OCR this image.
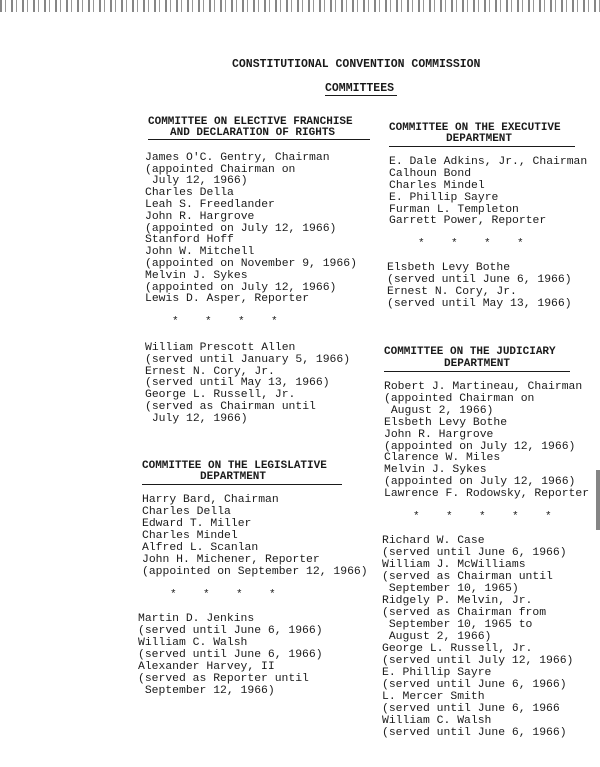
CONSTITUTIONAL CONVENTION COMMISSION
COMMITTEES
COMMITTEE ON ELECTIVE FRANCHISE
AND DECLARATION OF RIGHTS
James O'C. Gentry, Chairman
(appointed Chairman on
July 12, 1966)
Charles Della
Leah S. Freedlander
John R. Hargrove
(appointed on July 12, 1966)
Stanford Hoff
John W. Mitchell
(appointed on November 9, 1966)
Melvin J. Sykes
(appointed on July 12, 1966)
Lewis D. Asper, Reporter
*    *    *    *
William Prescott Allen
(served until January 5, 1966)
Ernest N. Cory, Jr.
(served until May 13, 1966)
George L. Russell, Jr.
(served as Chairman until
July 12, 1966)
COMMITTEE ON THE LEGISLATIVE
DEPARTMENT
Harry Bard, Chairman
Charles Della
Edward T. Miller
Charles Mindel
Alfred L. Scanlan
John H. Michener, Reporter
(appointed on September 12, 1966)
*    *    *    *
Martin D. Jenkins
(served until June 6, 1966)
William C. Walsh
(served until June 6, 1966)
Alexander Harvey, II
(served as Reporter until
September 12, 1966)
COMMITTEE ON THE EXECUTIVE
DEPARTMENT
E. Dale Adkins, Jr., Chairman
Calhoun Bond
Charles Mindel
E. Phillip Sayre
Furman L. Templeton
Garrett Power, Reporter
*    *    *    *
Elsbeth Levy Bothe
(served until June 6, 1966)
Ernest N. Cory, Jr.
(served until May 13, 1966)
COMMITTEE ON THE JUDICIARY
DEPARTMENT
Robert J. Martineau, Chairman
(appointed Chairman on
August 2, 1966)
Elsbeth Levy Bothe
John R. Hargrove
(appointed on July 12, 1966)
Clarence W. Miles
Melvin J. Sykes
(appointed on July 12, 1966)
Lawrence F. Rodowsky, Reporter
*    *    *    *    *
Richard W. Case
(served until June 6, 1966)
William J. McWilliams
(served as Chairman until
September 10, 1965)
Ridgely P. Melvin, Jr.
(served as Chairman from
September 10, 1965 to
August 2, 1966)
George L. Russell, Jr.
(served until July 12, 1966)
E. Phillip Sayre
(served until June 6, 1966)
L. Mercer Smith
(served until June 6, 1966
William C. Walsh
(served until June 6, 1966)
